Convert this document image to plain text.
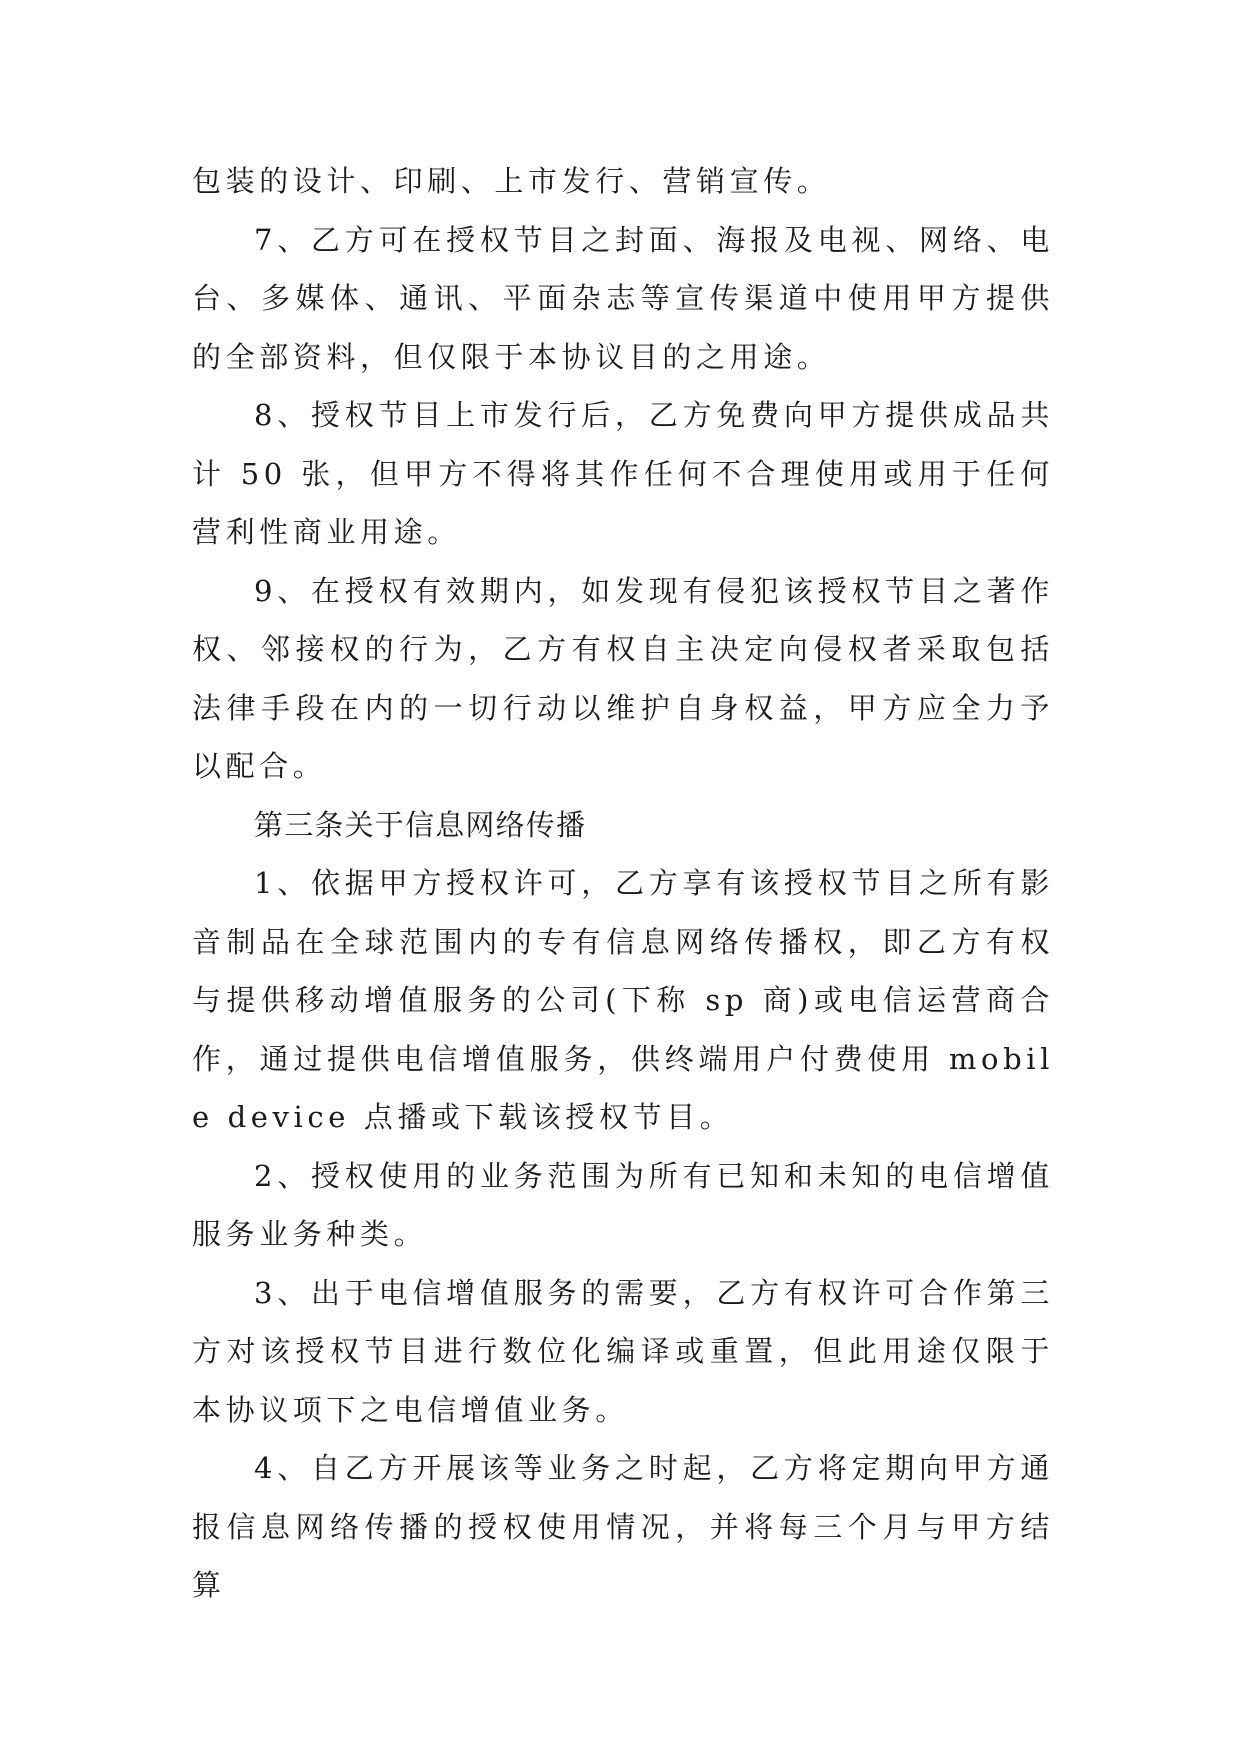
包装的设计、印刷、上市发行、营销宣传。

7、乙方可在授权节目之封面、海报及电视、网络、电台、多媒体、通讯、平面杂志等宣传渠道中使用甲方提供的全部资料，但仅限于本协议目的之用途。

8、授权节目上市发行后，乙方免费向甲方提供成品共计 50 张，但甲方不得将其作任何不合理使用或用于任何营利性商业用途。

9、在授权有效期内，如发现有侵犯该授权节目之著作权、邻接权的行为，乙方有权自主决定向侵权者采取包括法律手段在内的一切行动以维护自身权益，甲方应全力予以配合。

第三条关于信息网络传播

1、依据甲方授权许可，乙方享有该授权节目之所有影音制品在全球范围内的专有信息网络传播权，即乙方有权与提供移动增值服务的公司(下称 sp 商)或电信运营商合作，通过提供电信增值服务，供终端用户付费使用 mobile device 点播或下载该授权节目。

2、授权使用的业务范围为所有已知和未知的电信增值服务业务种类。

3、出于电信增值服务的需要，乙方有权许可合作第三方对该授权节目进行数位化编译或重置，但此用途仅限于本协议项下之电信增值业务。

4、自乙方开展该等业务之时起，乙方将定期向甲方通报信息网络传播的授权使用情况，并将每三个月与甲方结算
